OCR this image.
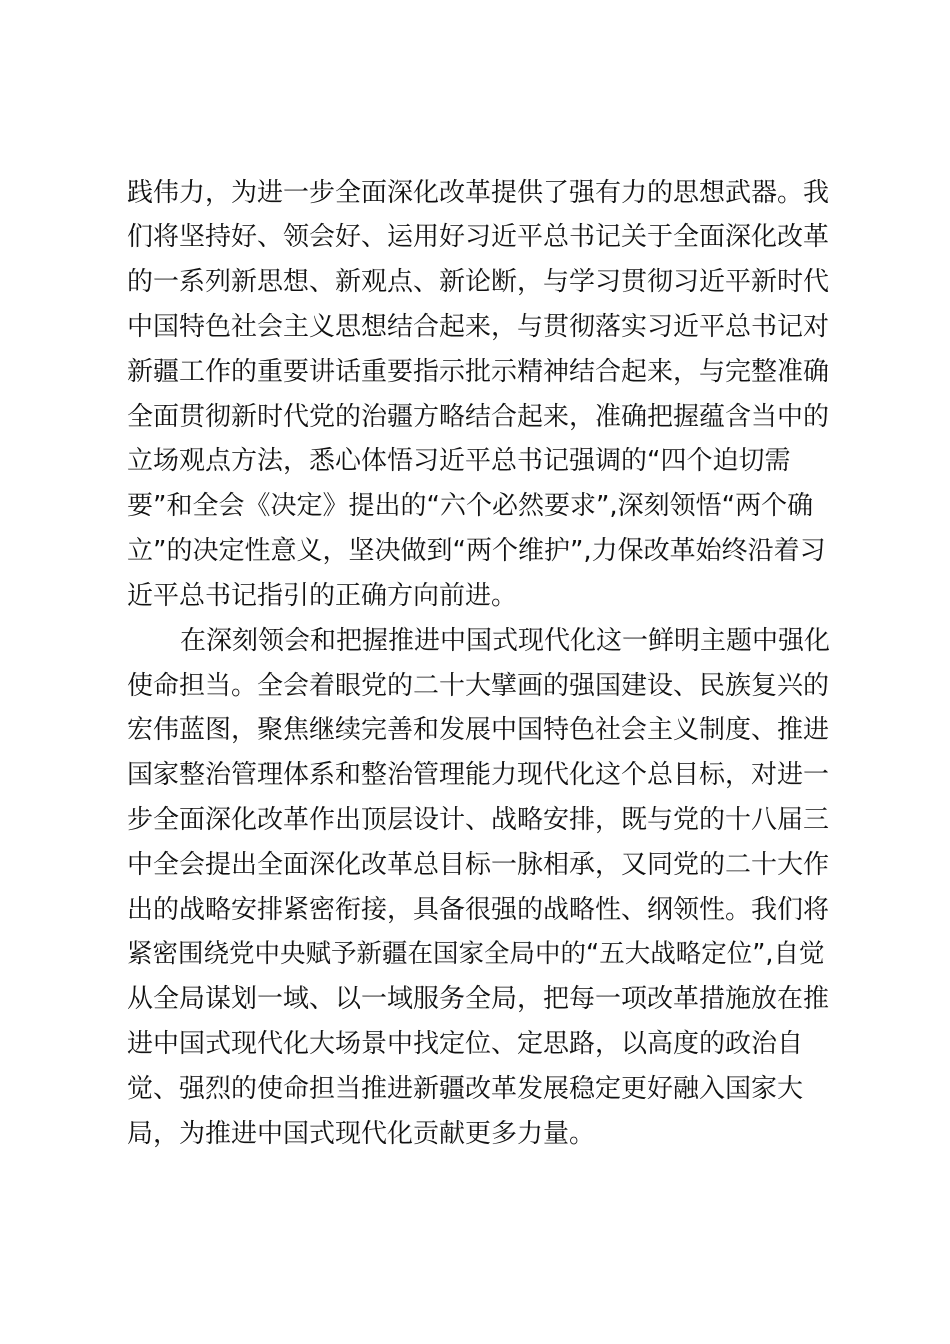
践伟力，为进一步全面深化改革提供了强有力的思想武器。我
们将坚持好、领会好、运用好习近平总书记关于全面深化改革
的一系列新思想、新观点、新论断，与学习贯彻习近平新时代
中国特色社会主义思想结合起来，与贯彻落实习近平总书记对
新疆工作的重要讲话重要指示批示精神结合起来，与完整准确
全面贯彻新时代党的治疆方略结合起来，准确把握蕴含当中的
立场观点方法，悉心体悟习近平总书记强调的“四个迫切需
要”和全会《决定》提出的“六个必然要求”,深刻领悟“两个确
立”的决定性意义，坚决做到“两个维护”,力保改革始终沿着习
近平总书记指引的正确方向前进。
在深刻领会和把握推进中国式现代化这一鲜明主题中强化
使命担当。全会着眼党的二十大擘画的强国建设、民族复兴的
宏伟蓝图，聚焦继续完善和发展中国特色社会主义制度、推进
国家整治管理体系和整治管理能力现代化这个总目标，对进一
步全面深化改革作出顶层设计、战略安排，既与党的十八届三
中全会提出全面深化改革总目标一脉相承，又同党的二十大作
出的战略安排紧密衔接，具备很强的战略性、纲领性。我们将
紧密围绕党中央赋予新疆在国家全局中的“五大战略定位”,自觉
从全局谋划一域、以一域服务全局，把每一项改革措施放在推
进中国式现代化大场景中找定位、定思路，以高度的政治自
觉、强烈的使命担当推进新疆改革发展稳定更好融入国家大
局，为推进中国式现代化贡献更多力量。
